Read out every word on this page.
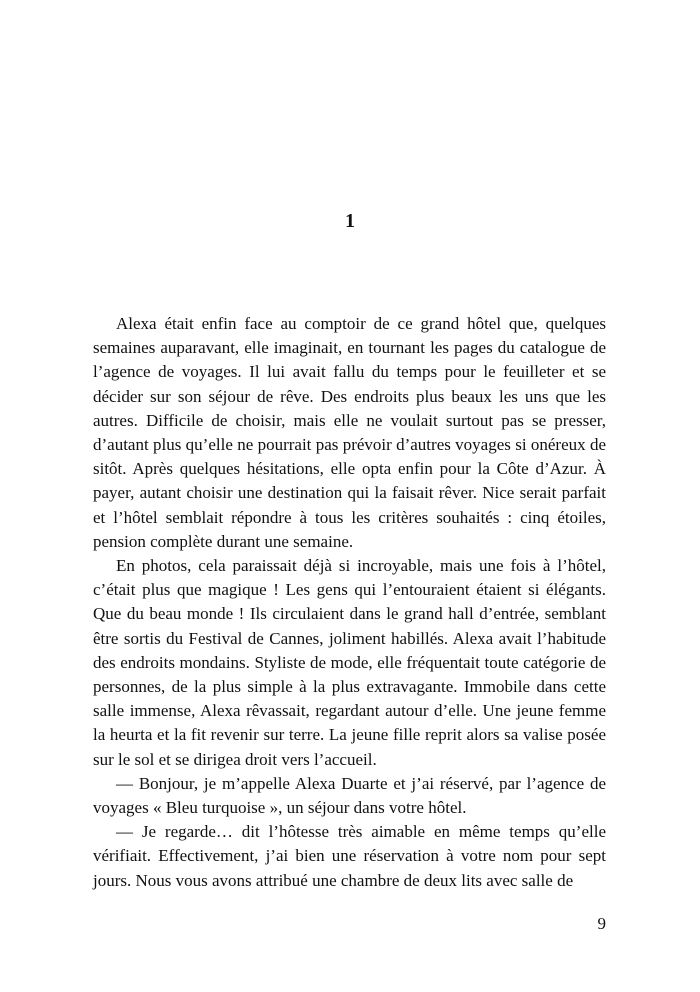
1

Alexa était enfin face au comptoir de ce grand hôtel que, quelques semaines auparavant, elle imaginait, en tournant les pages du catalogue de l’agence de voyages. Il lui avait fallu du temps pour le feuilleter et se décider sur son séjour de rêve. Des endroits plus beaux les uns que les autres. Difficile de choisir, mais elle ne voulait surtout pas se presser, d’autant plus qu’elle ne pourrait pas prévoir d’autres voyages si onéreux de sitôt. Après quelques hésitations, elle opta enfin pour la Côte d’Azur. À payer, autant choisir une destination qui la faisait rêver. Nice serait parfait et l’hôtel semblait répondre à tous les critères souhaités : cinq étoiles, pension complète durant une semaine.

En photos, cela paraissait déjà si incroyable, mais une fois à l’hôtel, c’était plus que magique ! Les gens qui l’entouraient étaient si élégants. Que du beau monde ! Ils circulaient dans le grand hall d’entrée, semblant être sortis du Festival de Cannes, joliment habillés. Alexa avait l’habitude des endroits mondains. Styliste de mode, elle fréquentait toute catégorie de personnes, de la plus simple à la plus extravagante. Immobile dans cette salle immense, Alexa rêvassait, regardant autour d’elle. Une jeune femme la heurta et la fit revenir sur terre. La jeune fille reprit alors sa valise posée sur le sol et se dirigea droit vers l’accueil.

— Bonjour, je m’appelle Alexa Duarte et j’ai réservé, par l’agence de voyages « Bleu turquoise », un séjour dans votre hôtel.

— Je regarde… dit l’hôtesse très aimable en même temps qu’elle vérifiait. Effectivement, j’ai bien une réservation à votre nom pour sept jours. Nous vous avons attribué une chambre de deux lits avec salle de

9
